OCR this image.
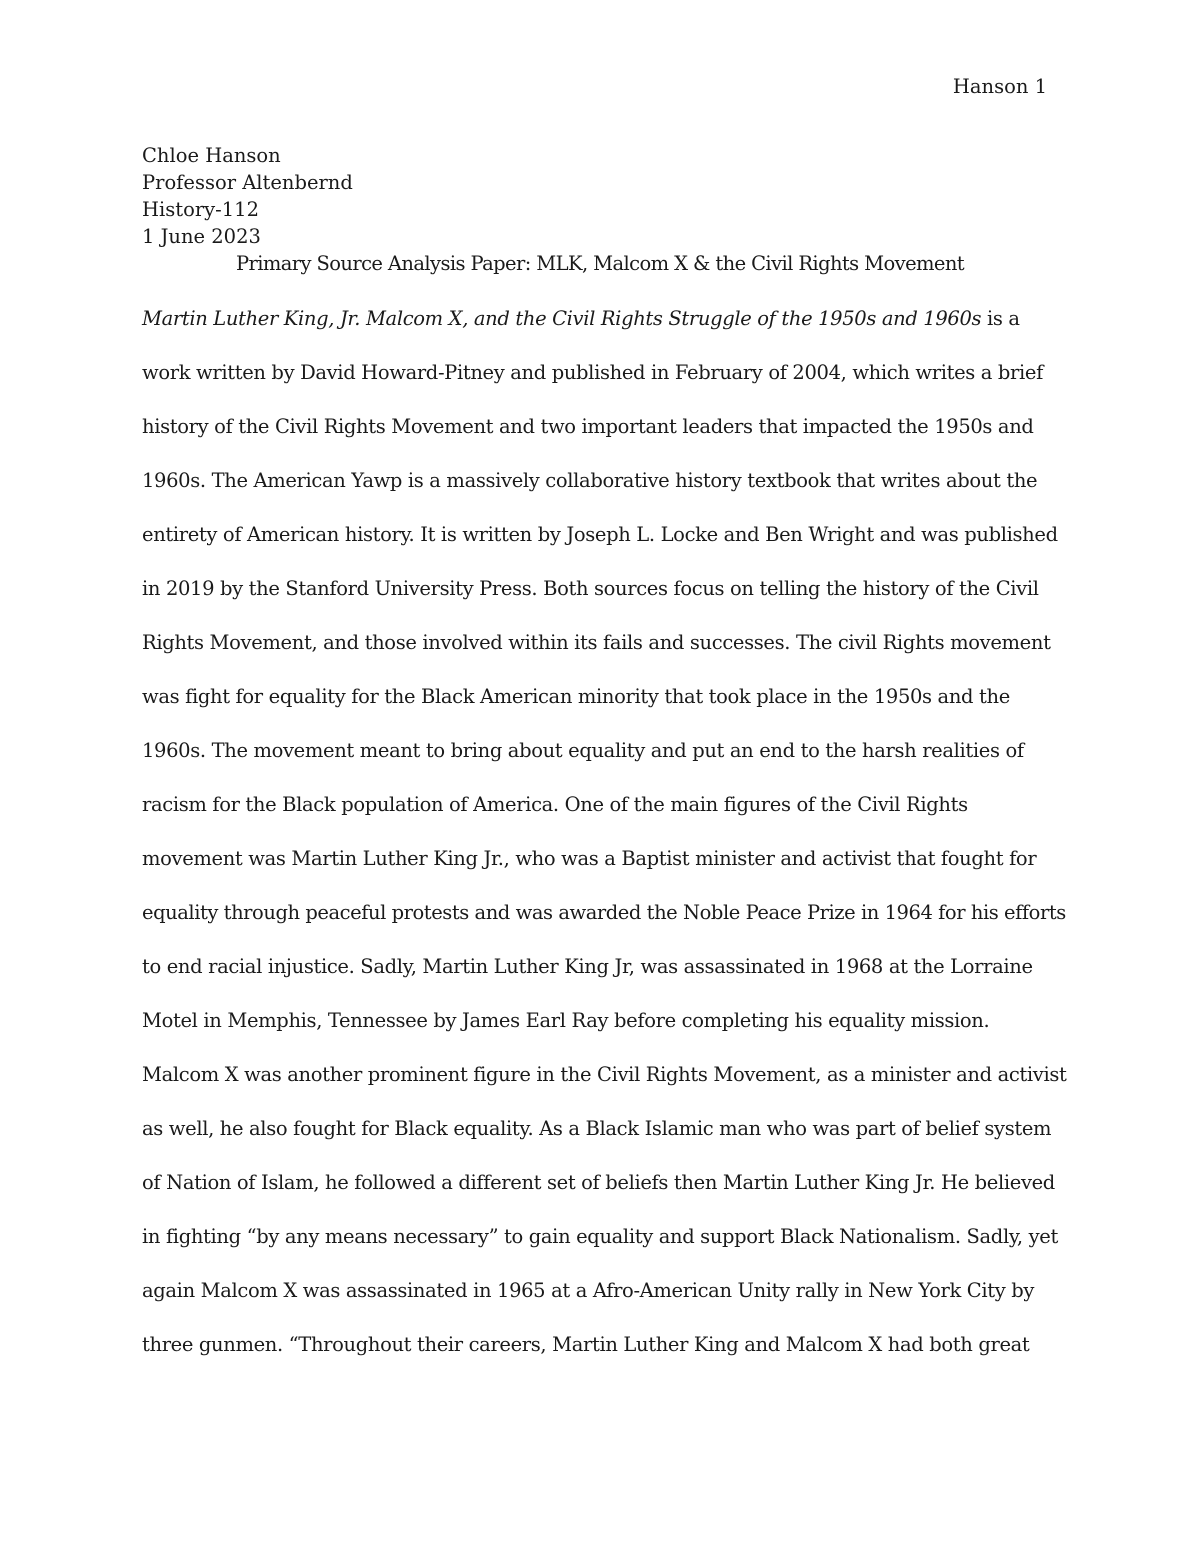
Hanson 1
Chloe Hanson
Professor Altenbernd
History-112
1 June 2023
Primary Source Analysis Paper: MLK, Malcom X & the Civil Rights Movement
Martin Luther King, Jr. Malcom X, and the Civil Rights Struggle of the 1950s and 1960s is a
work written by David Howard-Pitney and published in February of 2004, which writes a brief
history of the Civil Rights Movement and two important leaders that impacted the 1950s and
1960s. The American Yawp is a massively collaborative history textbook that writes about the
entirety of American history. It is written by Joseph L. Locke and Ben Wright and was published
in 2019 by the Stanford University Press. Both sources focus on telling the history of the Civil
Rights Movement, and those involved within its fails and successes. The civil Rights movement
was fight for equality for the Black American minority that took place in the 1950s and the
1960s. The movement meant to bring about equality and put an end to the harsh realities of
racism for the Black population of America. One of the main figures of the Civil Rights
movement was Martin Luther King Jr., who was a Baptist minister and activist that fought for
equality through peaceful protests and was awarded the Noble Peace Prize in 1964 for his efforts
to end racial injustice. Sadly, Martin Luther King Jr, was assassinated in 1968 at the Lorraine
Motel in Memphis, Tennessee by James Earl Ray before completing his equality mission.
Malcom X was another prominent figure in the Civil Rights Movement, as a minister and activist
as well, he also fought for Black equality. As a Black Islamic man who was part of belief system
of Nation of Islam, he followed a different set of beliefs then Martin Luther King Jr. He believed
in fighting “by any means necessary” to gain equality and support Black Nationalism. Sadly, yet
again Malcom X was assassinated in 1965 at a Afro-American Unity rally in New York City by
three gunmen. “Throughout their careers, Martin Luther King and Malcom X had both great
